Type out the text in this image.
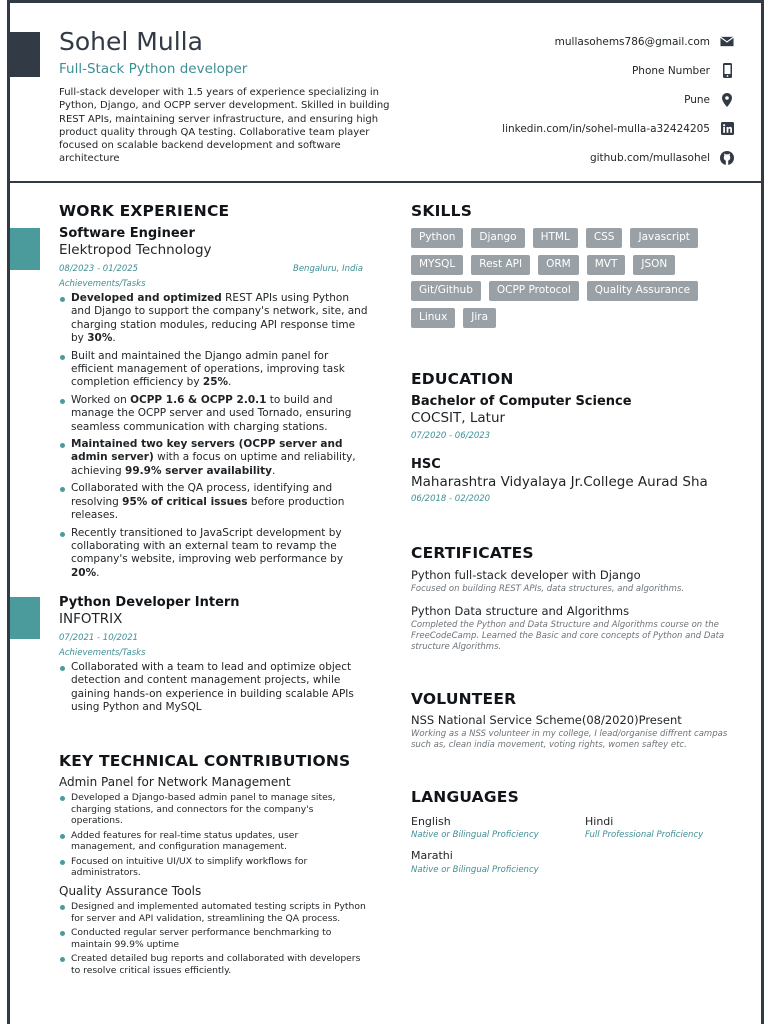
Sohel Mulla
Full-Stack Python developer
Full-stack developer with 1.5 years of experience specializing in Python, Django, and OCPP server development. Skilled in building REST APIs, maintaining server infrastructure, and ensuring high product quality through QA testing. Collaborative team player focused on scalable backend development and software architecture
mullasohems786@gmail.com
Phone Number
Pune
linkedin.com/in/sohel-mulla-a32424205
github.com/mullasohel
WORK EXPERIENCE
Software Engineer
Elektropod Technology
08/2023 - 01/2025	Bengaluru, India
Achievements/Tasks
Developed and optimized REST APIs using Python and Django to support the company's network, site, and charging station modules, reducing API response time by 30%.
Built and maintained the Django admin panel for efficient management of operations, improving task completion efficiency by 25%.
Worked on OCPP 1.6 & OCPP 2.0.1 to build and manage the OCPP server and used Tornado, ensuring seamless communication with charging stations.
Maintained two key servers (OCPP server and admin server) with a focus on uptime and reliability, achieving 99.9% server availability.
Collaborated with the QA process, identifying and resolving 95% of critical issues before production releases.
Recently transitioned to JavaScript development by collaborating with an external team to revamp the company's website, improving web performance by 20%.
Python Developer Intern
INFOTRIX
07/2021 - 10/2021
Achievements/Tasks
Collaborated with a team to lead and optimize object detection and content management projects, while gaining hands-on experience in building scalable APIs using Python and MySQL
KEY TECHNICAL CONTRIBUTIONS
Admin Panel for Network Management
Developed a Django-based admin panel to manage sites, charging stations, and connectors for the company's operations.
Added features for real-time status updates, user management, and configuration management.
Focused on intuitive UI/UX to simplify workflows for administrators.
Quality Assurance Tools
Designed and implemented automated testing scripts in Python for server and API validation, streamlining the QA process.
Conducted regular server performance benchmarking to maintain 99.9% uptime
Created detailed bug reports and collaborated with developers to resolve critical issues efficiently.
SKILLS
Python	Django	HTML	CSS	Javascript
MYSQL	Rest API	ORM	MVT	JSON
Git/Github	OCPP Protocol	Quality Assurance
Linux	Jira
EDUCATION
Bachelor of Computer Science
COCSIT, Latur
07/2020 - 06/2023
HSC
Maharashtra Vidyalaya Jr.College Aurad Sha
06/2018 - 02/2020
CERTIFICATES
Python full-stack developer with Django
Focused on building REST APIs, data structures, and algorithms.
Python Data structure and Algorithms
Completed the Python and Data Structure and Algorithms course on the FreeCodeCamp. Learned the Basic and core concepts of Python and Data structure Algorithms.
VOLUNTEER
NSS National Service Scheme(08/2020)Present
Working as a NSS volunteer in my college, I lead/organise diffrent campas such as, clean india movement, voting rights, women saftey etc.
LANGUAGES
English
Native or Bilingual Proficiency
Hindi
Full Professional Proficiency
Marathi
Native or Bilingual Proficiency
